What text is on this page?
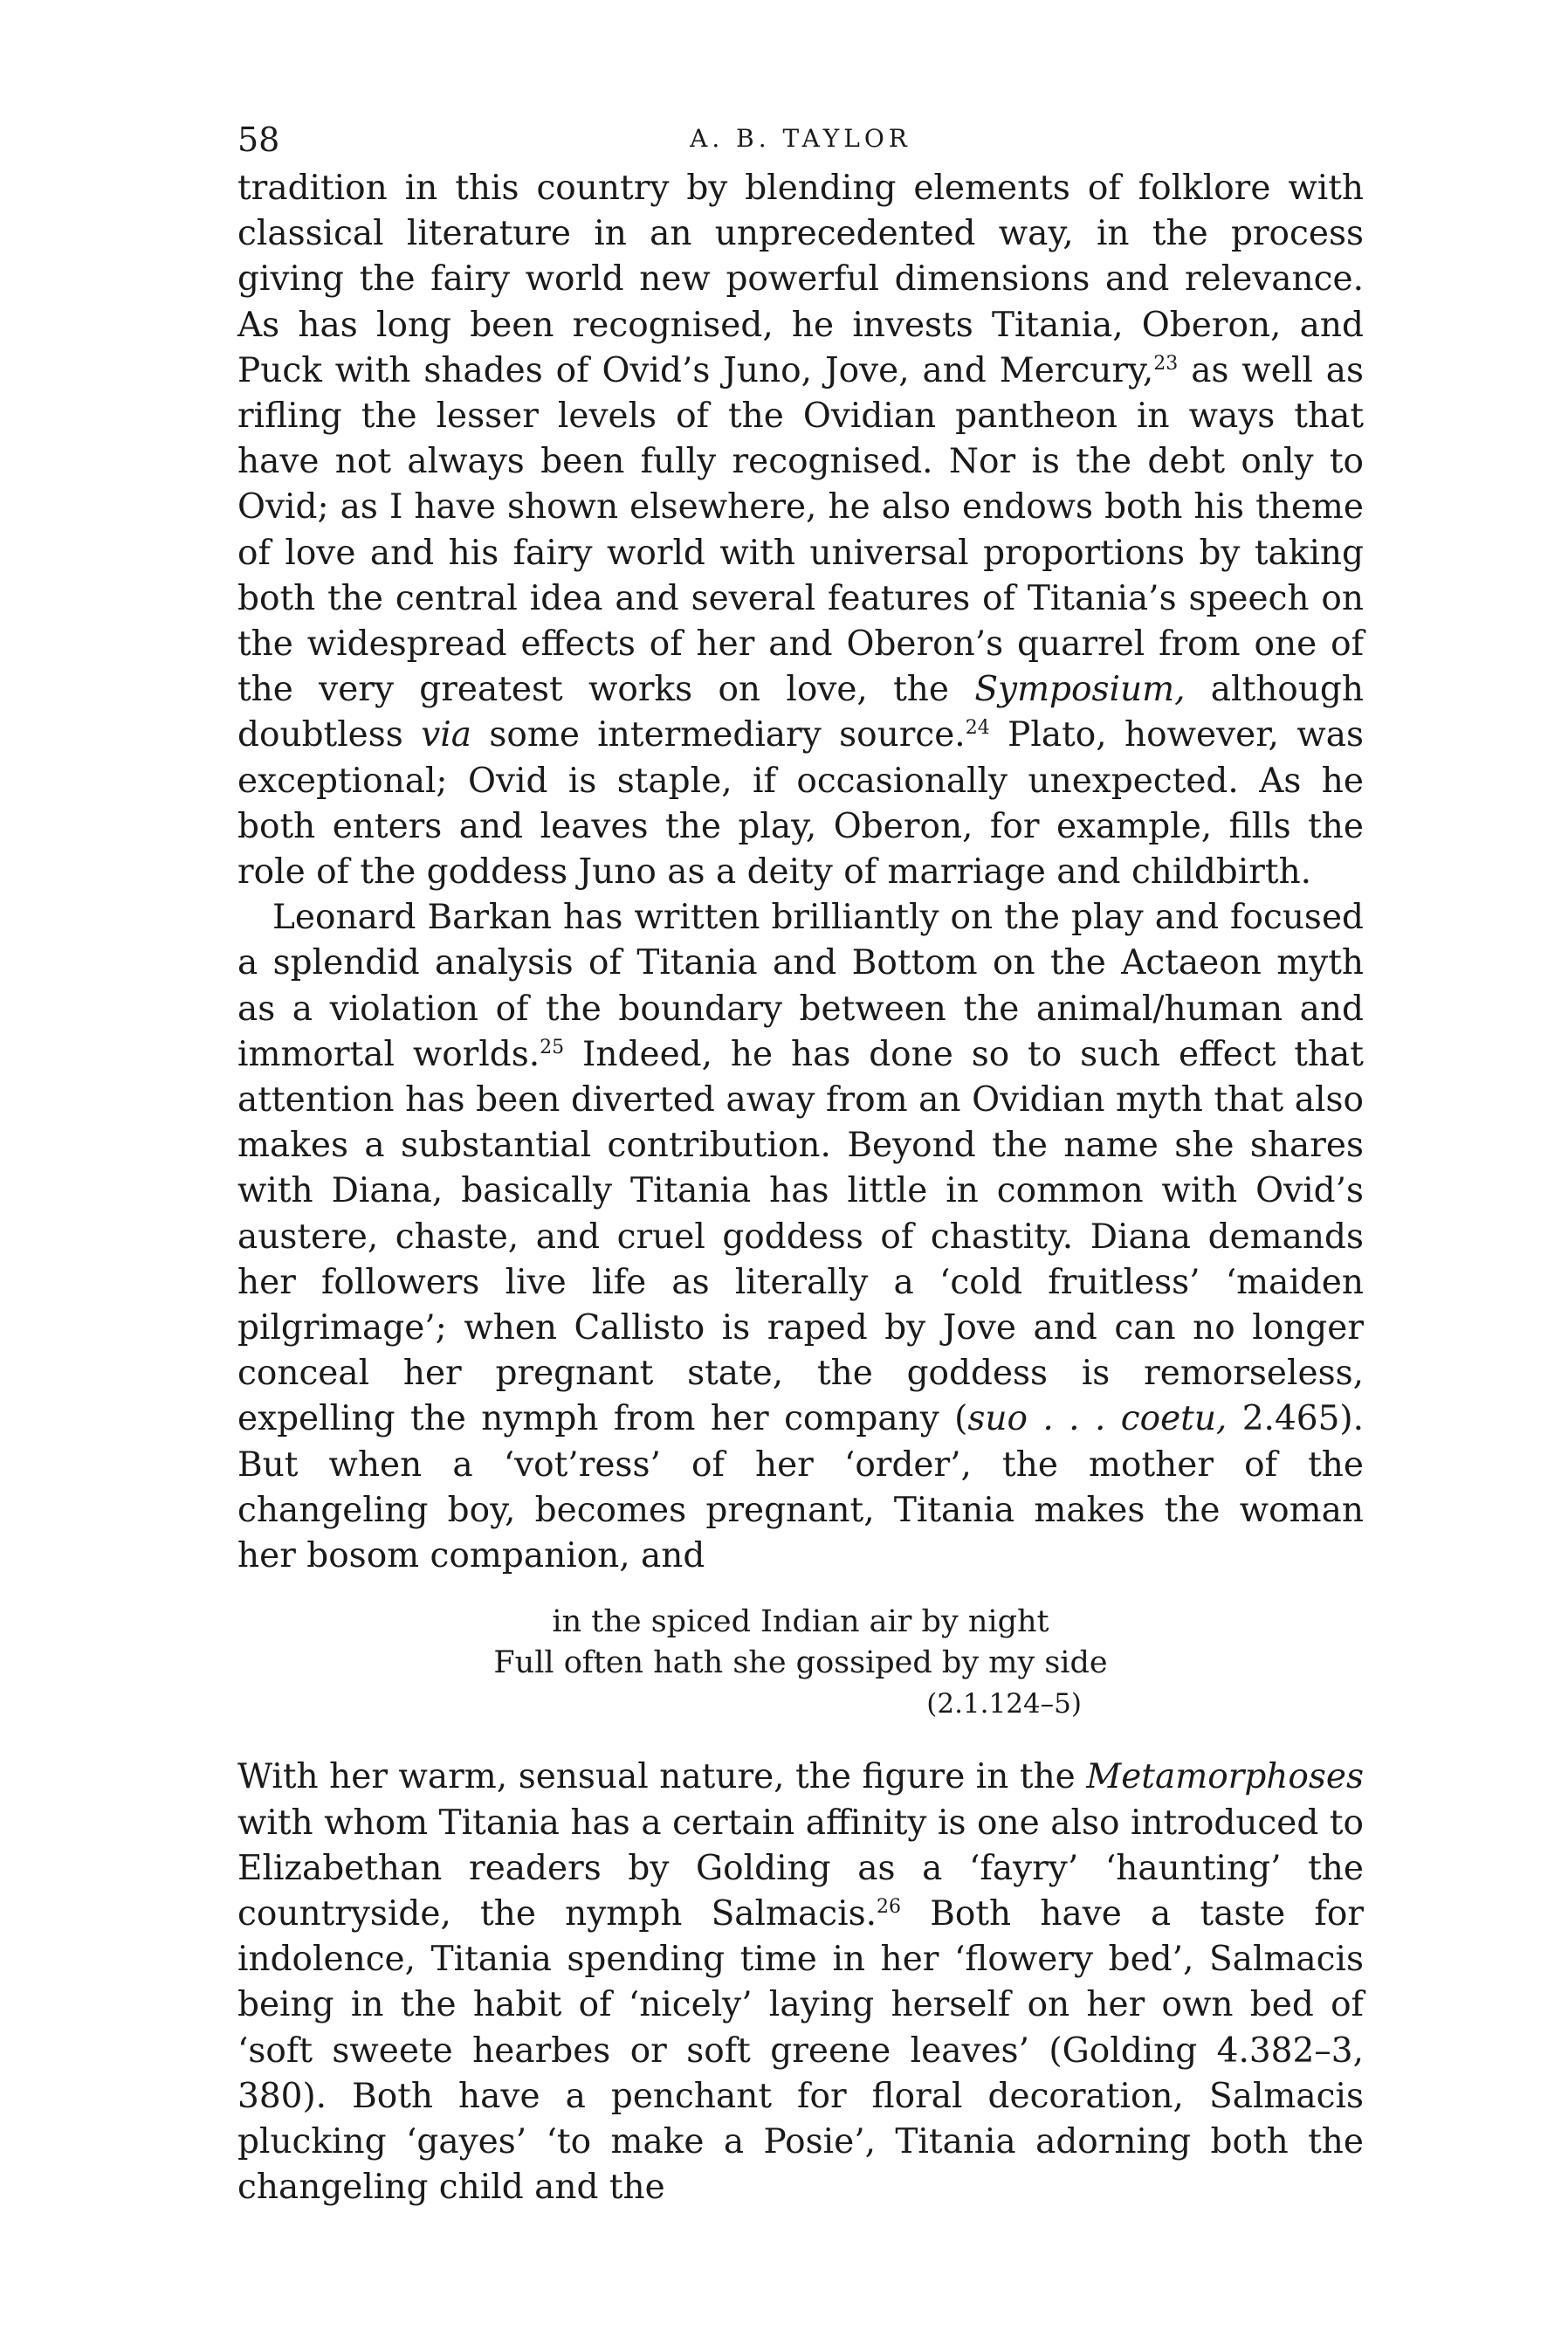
58	A. B. TAYLOR

tradition in this country by blending elements of folklore with classical literature in an unprecedented way, in the process giving the fairy world new powerful dimensions and relevance. As has long been recognised, he invests Titania, Oberon, and Puck with shades of Ovid’s Juno, Jove, and Mercury,$^{23}$ as well as rifling the lesser levels of the Ovidian pantheon in ways that have not always been fully recognised. Nor is the debt only to Ovid; as I have shown elsewhere, he also endows both his theme of love and his fairy world with universal proportions by taking both the central idea and several features of Titania’s speech on the widespread effects of her and Oberon’s quarrel from one of the very greatest works on love, the Symposium, although doubtless via some intermediary source.$^{24}$ Plato, however, was exceptional; Ovid is staple, if occasionally unexpected. As he both enters and leaves the play, Oberon, for example, fills the role of the goddess Juno as a deity of marriage and childbirth.

Leonard Barkan has written brilliantly on the play and focused a splendid analysis of Titania and Bottom on the Actaeon myth as a violation of the boundary between the animal/human and immortal worlds.$^{25}$ Indeed, he has done so to such effect that attention has been diverted away from an Ovidian myth that also makes a substantial contribution. Beyond the name she shares with Diana, basically Titania has little in common with Ovid’s austere, chaste, and cruel goddess of chastity. Diana demands her followers live life as literally a ‘cold fruitless’ ‘maiden pilgrimage’; when Callisto is raped by Jove and can no longer conceal her pregnant state, the goddess is remorseless, expelling the nymph from her company (suo . . . coetu, 2.465). But when a ‘vot’ress’ of her ‘order’, the mother of the changeling boy, becomes pregnant, Titania makes the woman her bosom companion, and

in the spiced Indian air by night
Full often hath she gossiped by my side
(2.1.124–5)

With her warm, sensual nature, the figure in the Metamorphoses with whom Titania has a certain affinity is one also introduced to Elizabethan readers by Golding as a ‘fayry’ ‘haunting’ the countryside, the nymph Salmacis.$^{26}$ Both have a taste for indolence, Titania spending time in her ‘flowery bed’, Salmacis being in the habit of ‘nicely’ laying herself on her own bed of ‘soft sweete hearbes or soft greene leaves’ (Golding 4.382–3, 380). Both have a penchant for floral decoration, Salmacis plucking ‘gayes’ ‘to make a Posie’, Titania adorning both the changeling child and the
